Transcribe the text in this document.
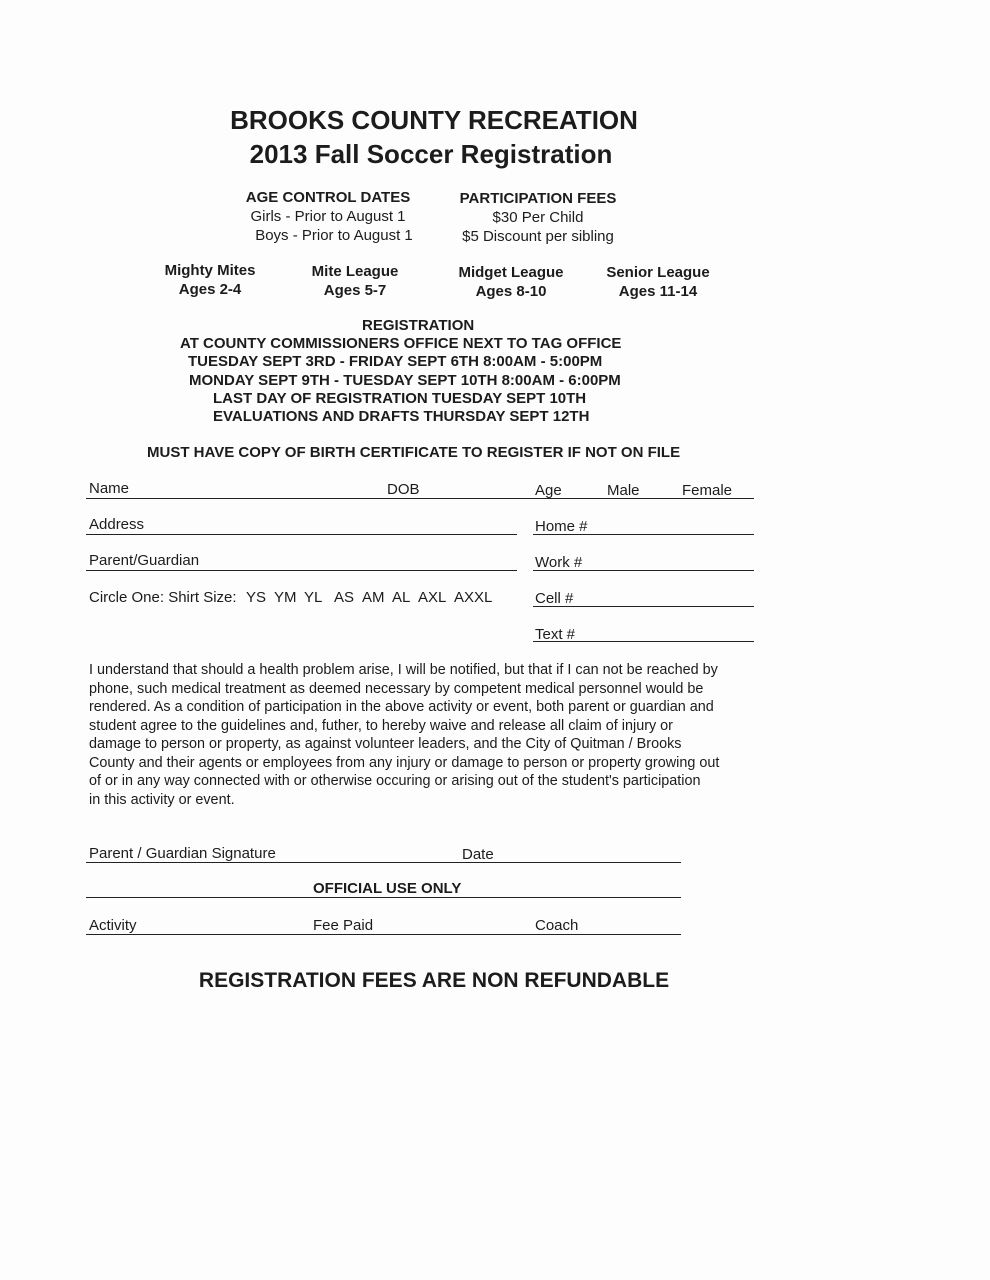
BROOKS COUNTY RECREATION
2013 Fall Soccer Registration
AGE CONTROL DATES
Girls - Prior to August 1
Boys - Prior to August 1
PARTICIPATION FEES
$30 Per Child
$5 Discount per sibling
Mighty Mites
Ages 2-4
Mite League
Ages 5-7
Midget League
Ages 8-10
Senior League
Ages 11-14
REGISTRATION
AT COUNTY COMMISSIONERS OFFICE NEXT TO TAG OFFICE
TUESDAY SEPT 3RD - FRIDAY SEPT 6TH 8:00AM - 5:00PM
MONDAY SEPT 9TH - TUESDAY SEPT 10TH 8:00AM - 6:00PM
LAST DAY OF REGISTRATION TUESDAY SEPT 10TH
EVALUATIONS AND DRAFTS THURSDAY SEPT 12TH
MUST HAVE COPY OF BIRTH CERTIFICATE TO REGISTER IF NOT ON FILE
Name	DOB	Age	Male	Female
Address	Home #
Parent/Guardian	Work #
Circle One: Shirt Size: YS YM YL AS AM AL AXL AXXL	Cell #
Text #
I understand that should a health problem arise, I will be notified, but that if I can not be reached by
phone, such medical treatment as deemed necessary by competent medical personnel would be
rendered. As a condition of participation in the above activity or event, both parent or guardian and
student agree to the guidelines and, futher, to hereby waive and release all claim of injury or
damage to person or property, as against volunteer leaders, and the City of Quitman / Brooks
County and their agents or employees from any injury or damage to person or property growing out
of or in any way connected with or otherwise occuring or arising out of the student's participation
in this activity or event.
Parent / Guardian Signature	Date
OFFICIAL USE ONLY
Activity	Fee Paid	Coach
REGISTRATION FEES ARE NON REFUNDABLE
